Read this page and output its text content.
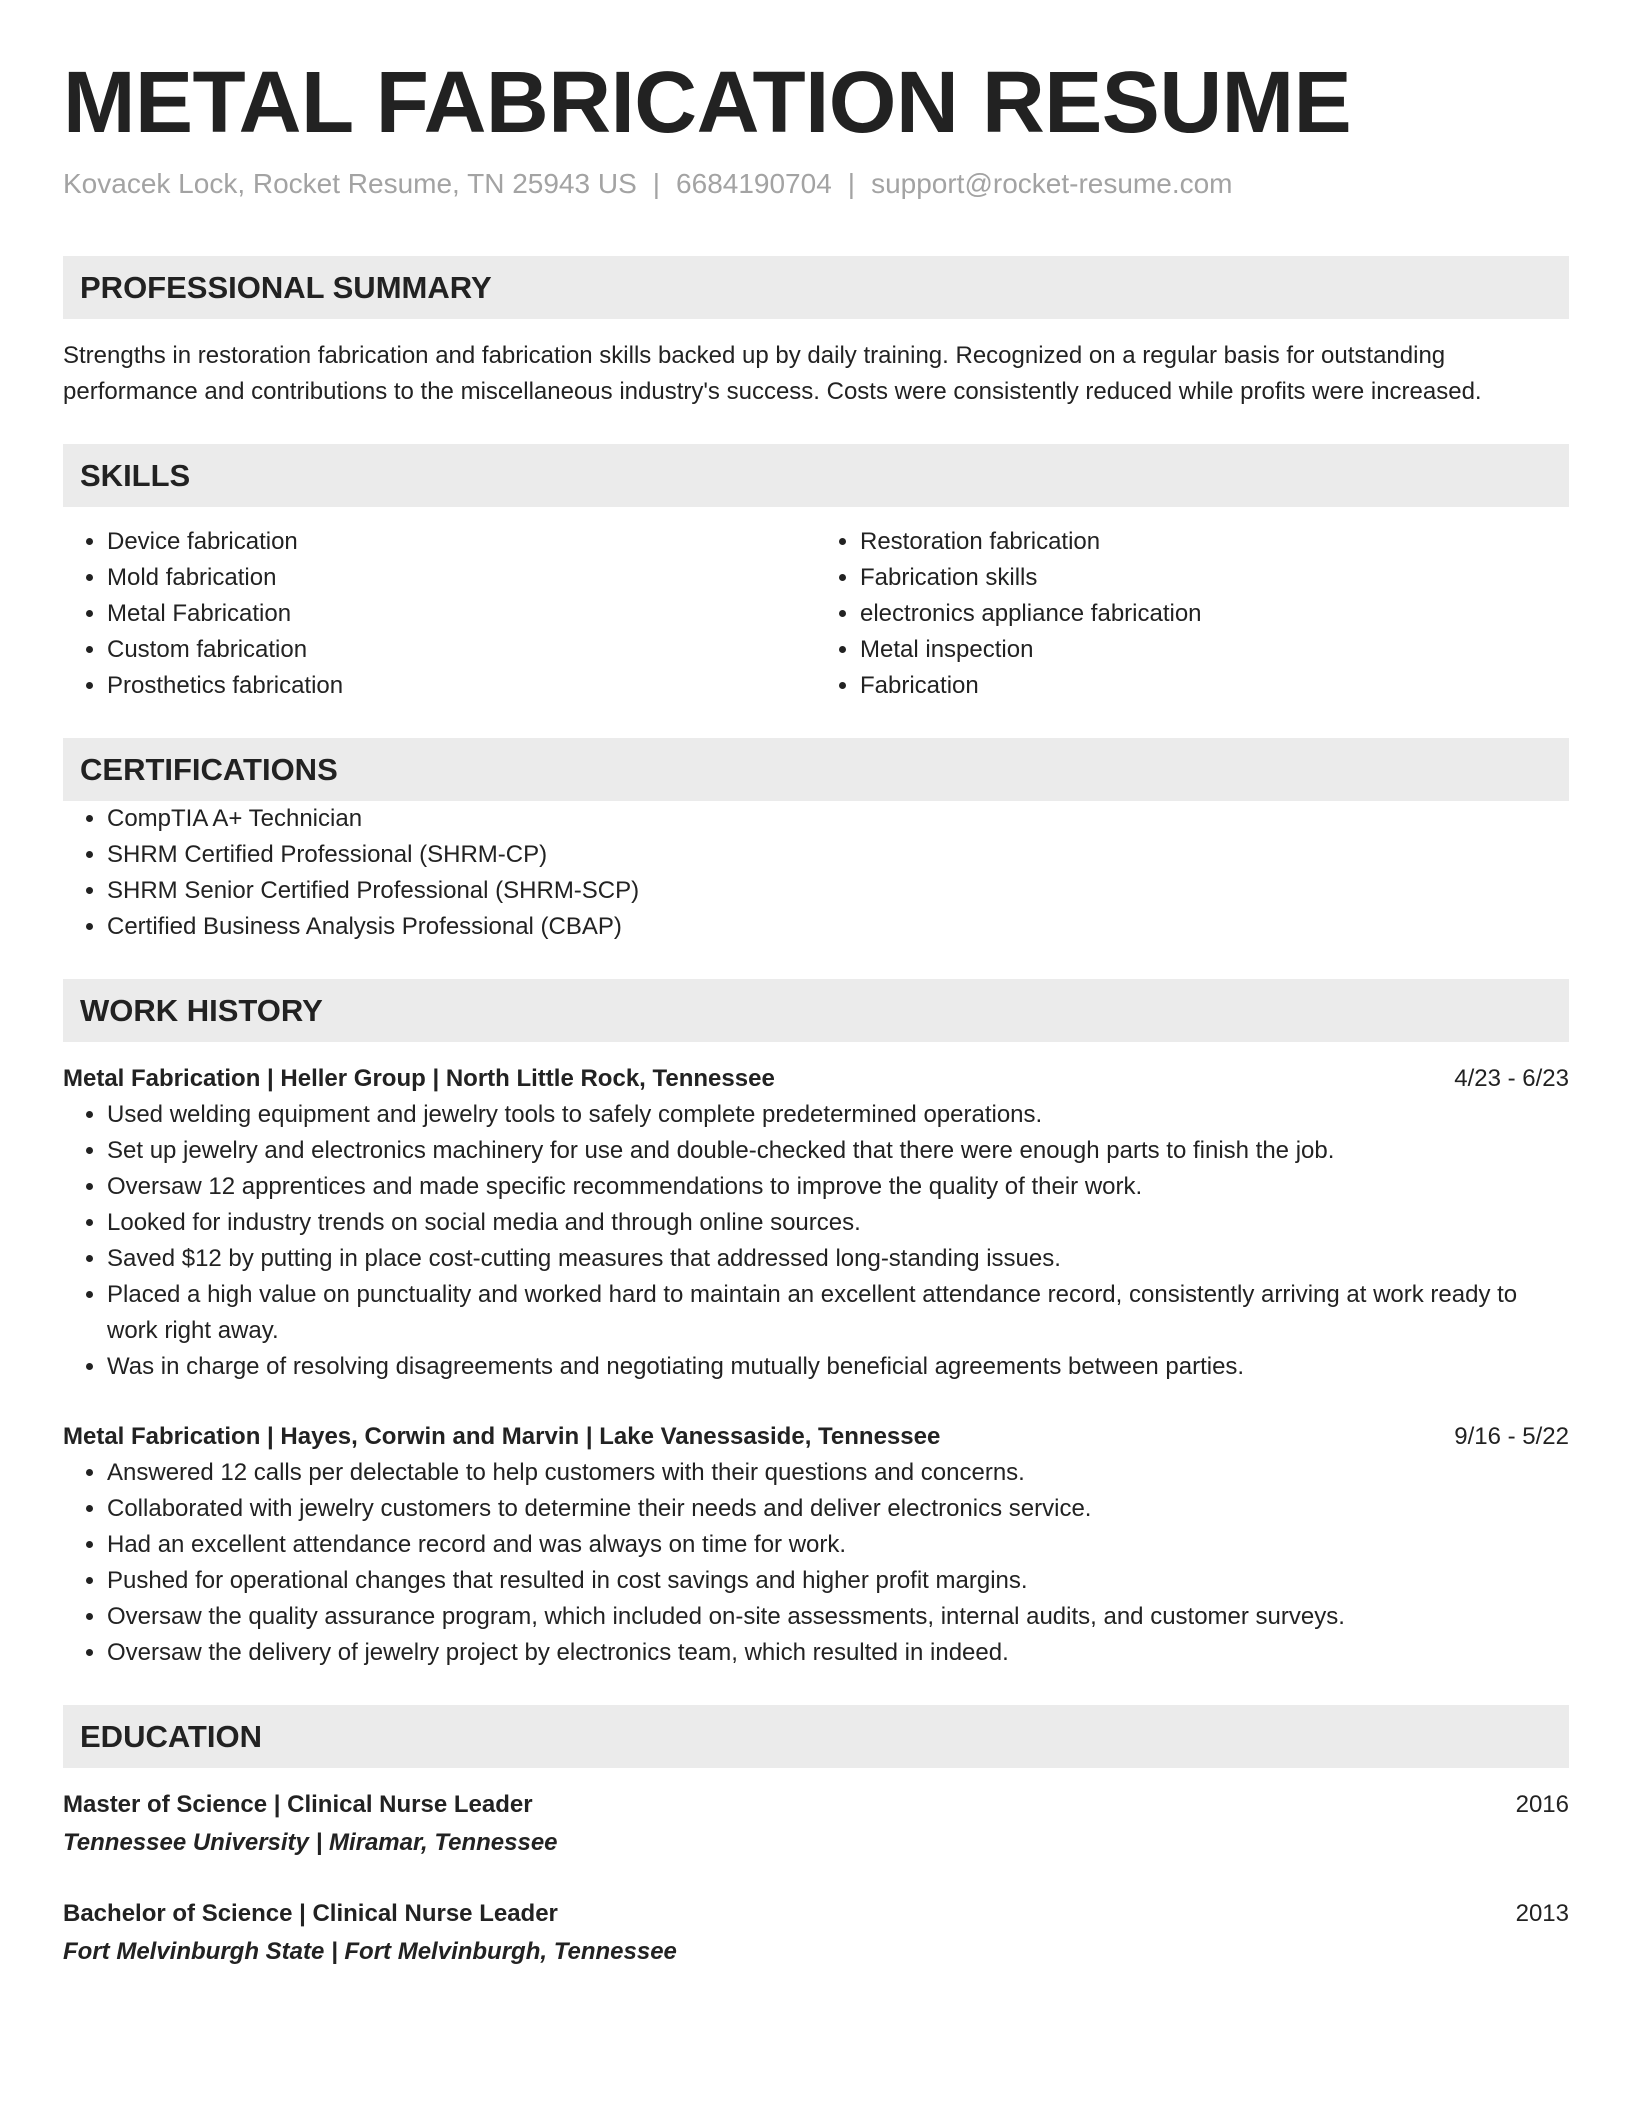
METAL FABRICATION RESUME
Kovacek Lock, Rocket Resume, TN 25943 US | 6684190704 | support@rocket-resume.com
PROFESSIONAL SUMMARY
Strengths in restoration fabrication and fabrication skills backed up by daily training. Recognized on a regular basis for outstanding performance and contributions to the miscellaneous industry's success. Costs were consistently reduced while profits were increased.
SKILLS
• Device fabrication
• Mold fabrication
• Metal Fabrication
• Custom fabrication
• Prosthetics fabrication
• Restoration fabrication
• Fabrication skills
• electronics appliance fabrication
• Metal inspection
• Fabrication
CERTIFICATIONS
• CompTIA A+ Technician
• SHRM Certified Professional (SHRM-CP)
• SHRM Senior Certified Professional (SHRM-SCP)
• Certified Business Analysis Professional (CBAP)
WORK HISTORY
Metal Fabrication | Heller Group | North Little Rock, Tennessee	4/23 - 6/23
• Used welding equipment and jewelry tools to safely complete predetermined operations.
• Set up jewelry and electronics machinery for use and double-checked that there were enough parts to finish the job.
• Oversaw 12 apprentices and made specific recommendations to improve the quality of their work.
• Looked for industry trends on social media and through online sources.
• Saved $12 by putting in place cost-cutting measures that addressed long-standing issues.
• Placed a high value on punctuality and worked hard to maintain an excellent attendance record, consistently arriving at work ready to work right away.
• Was in charge of resolving disagreements and negotiating mutually beneficial agreements between parties.
Metal Fabrication | Hayes, Corwin and Marvin | Lake Vanessaside, Tennessee	9/16 - 5/22
• Answered 12 calls per delectable to help customers with their questions and concerns.
• Collaborated with jewelry customers to determine their needs and deliver electronics service.
• Had an excellent attendance record and was always on time for work.
• Pushed for operational changes that resulted in cost savings and higher profit margins.
• Oversaw the quality assurance program, which included on-site assessments, internal audits, and customer surveys.
• Oversaw the delivery of jewelry project by electronics team, which resulted in indeed.
EDUCATION
Master of Science | Clinical Nurse Leader	2016
Tennessee University | Miramar, Tennessee
Bachelor of Science | Clinical Nurse Leader	2013
Fort Melvinburgh State | Fort Melvinburgh, Tennessee
